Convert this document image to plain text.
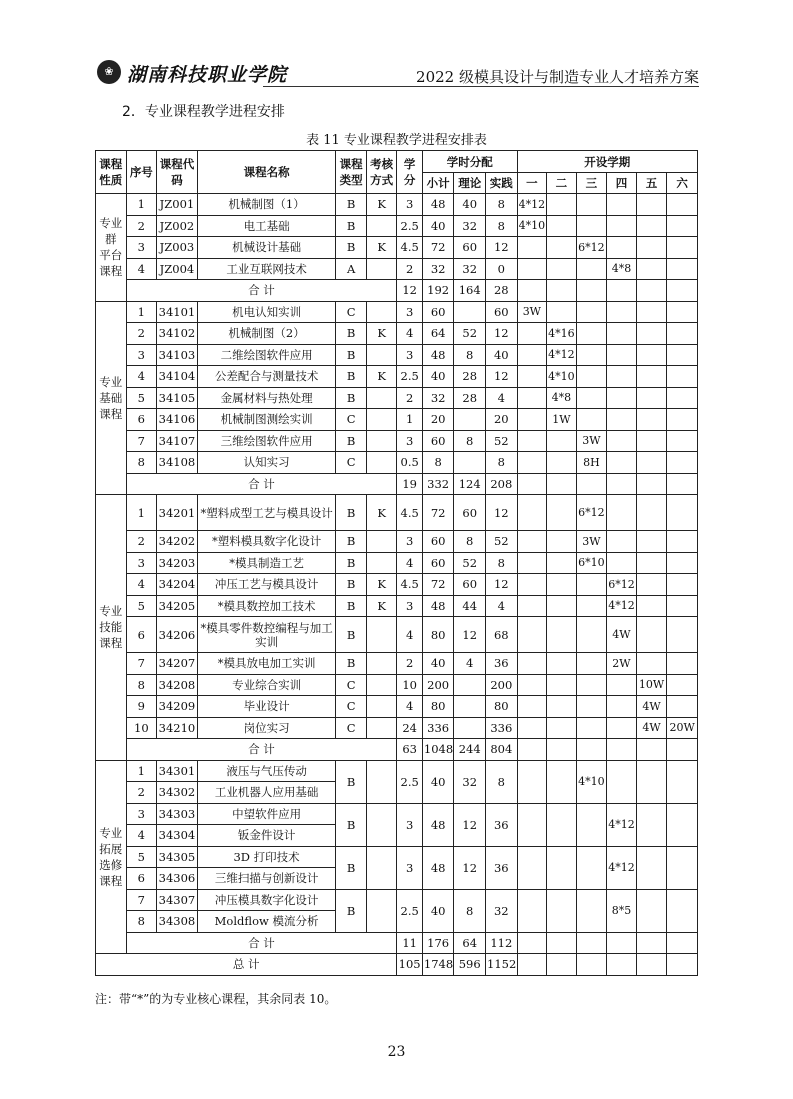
❀ 湖南科技职业学院	2022 级模具设计与制造专业人才培养方案
2．专业课程教学进程安排
表 11 专业课程教学进程安排表
课程性质	序号	课程代码	课程名称	课程类型	考核方式	学分	学时分配			开设学期					
							小计	理论	实践	一	二	三	四	五	六
专业
群
平台
课程	1	JZ001	机械制图（1）	B	K	3	48	40	8	4*12					
	2	JZ002	电工基础	B		2.5	40	32	8	4*10					
	3	JZ003	机械设计基础	B	K	4.5	72	60	12			6*12			
	4	JZ004	工业互联网技术	A		2	32	32	0				4*8		
	合 计					12	192	164	28						
专业
基础
课程	1	34101	机电认知实训	C		3	60		60	3W					
	2	34102	机械制图（2）	B	K	4	64	52	12		4*16				
	3	34103	二维绘图软件应用	B		3	48	8	40		4*12				
	4	34104	公差配合与测量技术	B	K	2.5	40	28	12		4*10				
	5	34105	金属材料与热处理	B		2	32	28	4		4*8				
	6	34106	机械制图测绘实训	C		1	20		20		1W				
	7	34107	三维绘图软件应用	B		3	60	8	52			3W			
	8	34108	认知实习	C		0.5	8		8			8H			
	合 计					19	332	124	208						
专业
技能
课程	1	34201	*塑料成型工艺与模具设计	B	K	4.5	72	60	12			6*12			
	2	34202	*塑料模具数字化设计	B		3	60	8	52			3W			
	3	34203	*模具制造工艺	B		4	60	52	8			6*10			
	4	34204	冲压工艺与模具设计	B	K	4.5	72	60	12				6*12		
	5	34205	*模具数控加工技术	B	K	3	48	44	4				4*12		
	6	34206	*模具零件数控编程与加工实训	B		4	80	12	68				4W		
	7	34207	*模具放电加工实训	B		2	40	4	36				2W		
	8	34208	专业综合实训	C		10	200		200					10W	
	9	34209	毕业设计	C		4	80		80					4W	
	10	34210	岗位实习	C		24	336		336					4W	20W
	合 计					63	1048	244	804						
专业
拓展
选修
课程	1	34301	液压与气压传动	B		2.5	40	32	8			4*10			
	2	34302	工业机器人应用基础												
	3	34303	中望软件应用	B		3	48	12	36				4*12		
	4	34304	钣金件设计												
	5	34305	3D 打印技术	B		3	48	12	36				4*12		
	6	34306	三维扫描与创新设计												
	7	34307	冲压模具数字化设计	B		2.5	40	8	32				8*5		
	8	34308	Moldflow 模流分析												
	合 计					11	176	64	112						
总 计						105	1748	596	1152						
注：带“*”的为专业核心课程，其余同表 10。
23
